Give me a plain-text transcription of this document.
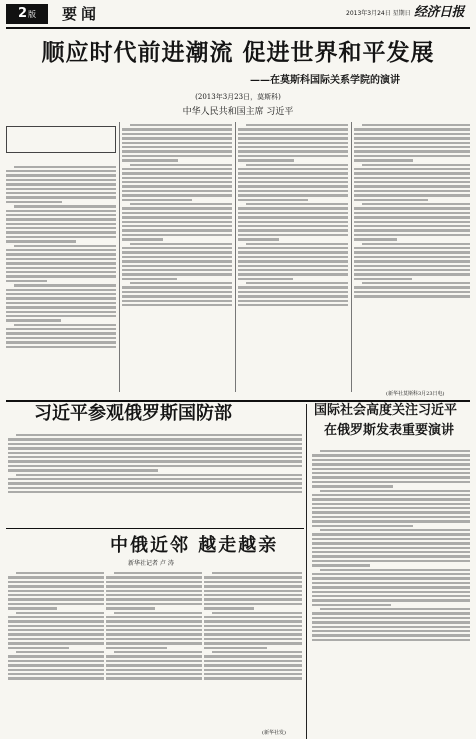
2版	要闻	2013年3月24日 星期日 经济日报
顺应时代前进潮流 促进世界和平发展
——在莫斯科国际关系学院的演讲
(2013年3月23日，莫斯科)
中华人民共和国主席 习近平

(新华社莫斯科3月23日电)
习近平参观俄罗斯国防部	国际社会高度关注习近平
在俄罗斯发表重要演讲
中俄近邻 越走越亲
新华社记者 卢 涛
(新华社发)
